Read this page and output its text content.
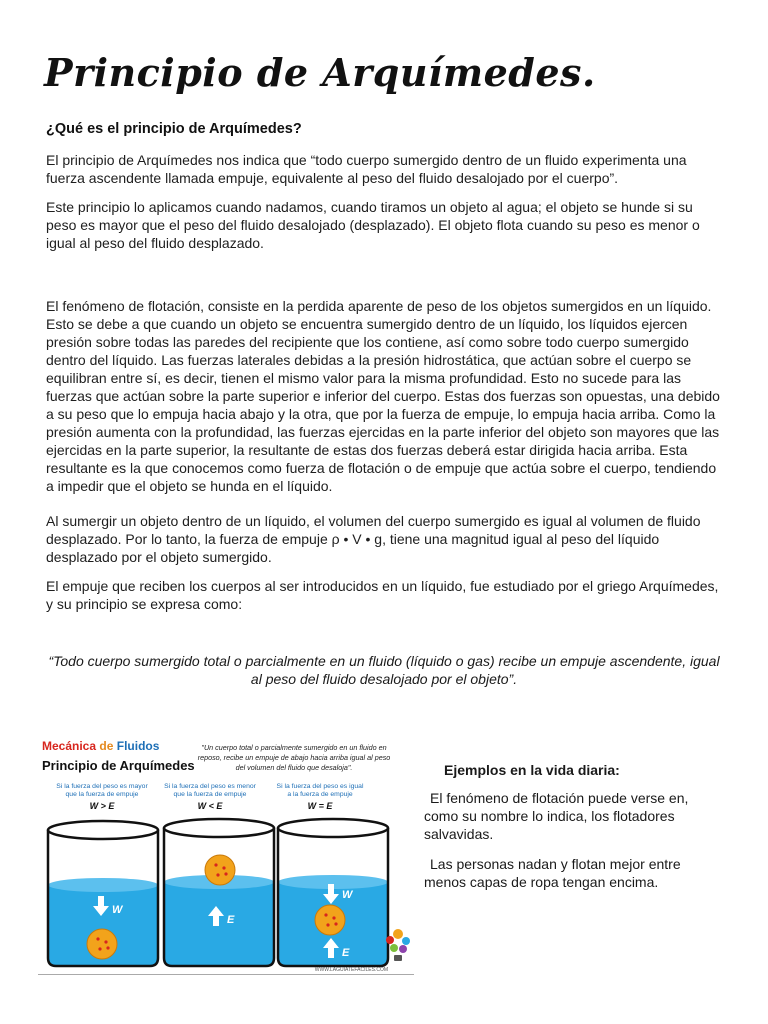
Principio de Arquímedes.
¿Qué es el principio de Arquímedes?
El principio de Arquímedes nos indica que “todo cuerpo sumergido dentro de un fluido experimenta una fuerza ascendente llamada empuje, equivalente al peso del fluido desalojado por el cuerpo”.
Este principio lo aplicamos cuando nadamos, cuando tiramos un objeto al agua; el objeto se hunde si su peso es mayor que el peso del fluido desalojado (desplazado). El objeto flota cuando su peso es menor o igual al peso del fluido desplazado.
El fenómeno de flotación, consiste en la perdida aparente de peso de los objetos sumergidos en un líquido. Esto se debe a que cuando un objeto se encuentra sumergido dentro de un líquido, los líquidos ejercen presión sobre todas las paredes del recipiente que los contiene, así como sobre todo cuerpo sumergido dentro del líquido. Las fuerzas laterales debidas a la presión hidrostática, que actúan sobre el cuerpo se equilibran entre sí, es decir, tienen el mismo valor para la misma profundidad. Esto no sucede para las fuerzas que actúan sobre la parte superior e inferior del cuerpo. Estas dos fuerzas son opuestas, una debido a su peso que lo empuja hacia abajo y la otra, que por la fuerza de empuje, lo empuja hacia arriba. Como la presión aumenta con la profundidad, las fuerzas ejercidas en la parte inferior del objeto son mayores que las ejercidas en la parte superior, la resultante de estas dos fuerzas deberá estar dirigida hacia arriba. Esta resultante es la que conocemos como fuerza de flotación o de empuje que actúa sobre el cuerpo, tendiendo a impedir que el objeto se hunda en el líquido.
Al sumergir un objeto dentro de un líquido, el volumen del cuerpo sumergido es igual al volumen de fluido desplazado. Por lo tanto, la fuerza de empuje ρ • V • g, tiene una magnitud igual al peso del líquido desplazado por el objeto sumergido.
El empuje que reciben los cuerpos al ser introducidos en un líquido, fue estudiado por el griego Arquímedes, y su principio se expresa como:
“Todo cuerpo sumergido total o parcialmente en un fluido (líquido o gas) recibe un empuje ascendente, igual al peso del fluido desalojado por el objeto”.
Mecánica de Fluidos
Principio de Arquímedes
"Un cuerpo total o parcialmente sumergido en un fluido en
reposo, recibe un empuje de abajo hacia arriba igual al peso
del volumen del fluido que desaloja".
Si la fuerza del peso es mayor
que la fuerza de empuje
W > E
Si la fuerza del peso es menor
que la fuerza de empuje
W < E
Si la fuerza del peso es igual
a la fuerza de empuje
W = E
W
E
W
E
WWW.LAGUIATEFACILES.COM
Ejemplos en la vida diaria:
El fenómeno de flotación puede verse en, como su nombre lo indica, los flotadores salvavidas.
Las personas nadan y flotan mejor entre menos capas de ropa tengan encima.
